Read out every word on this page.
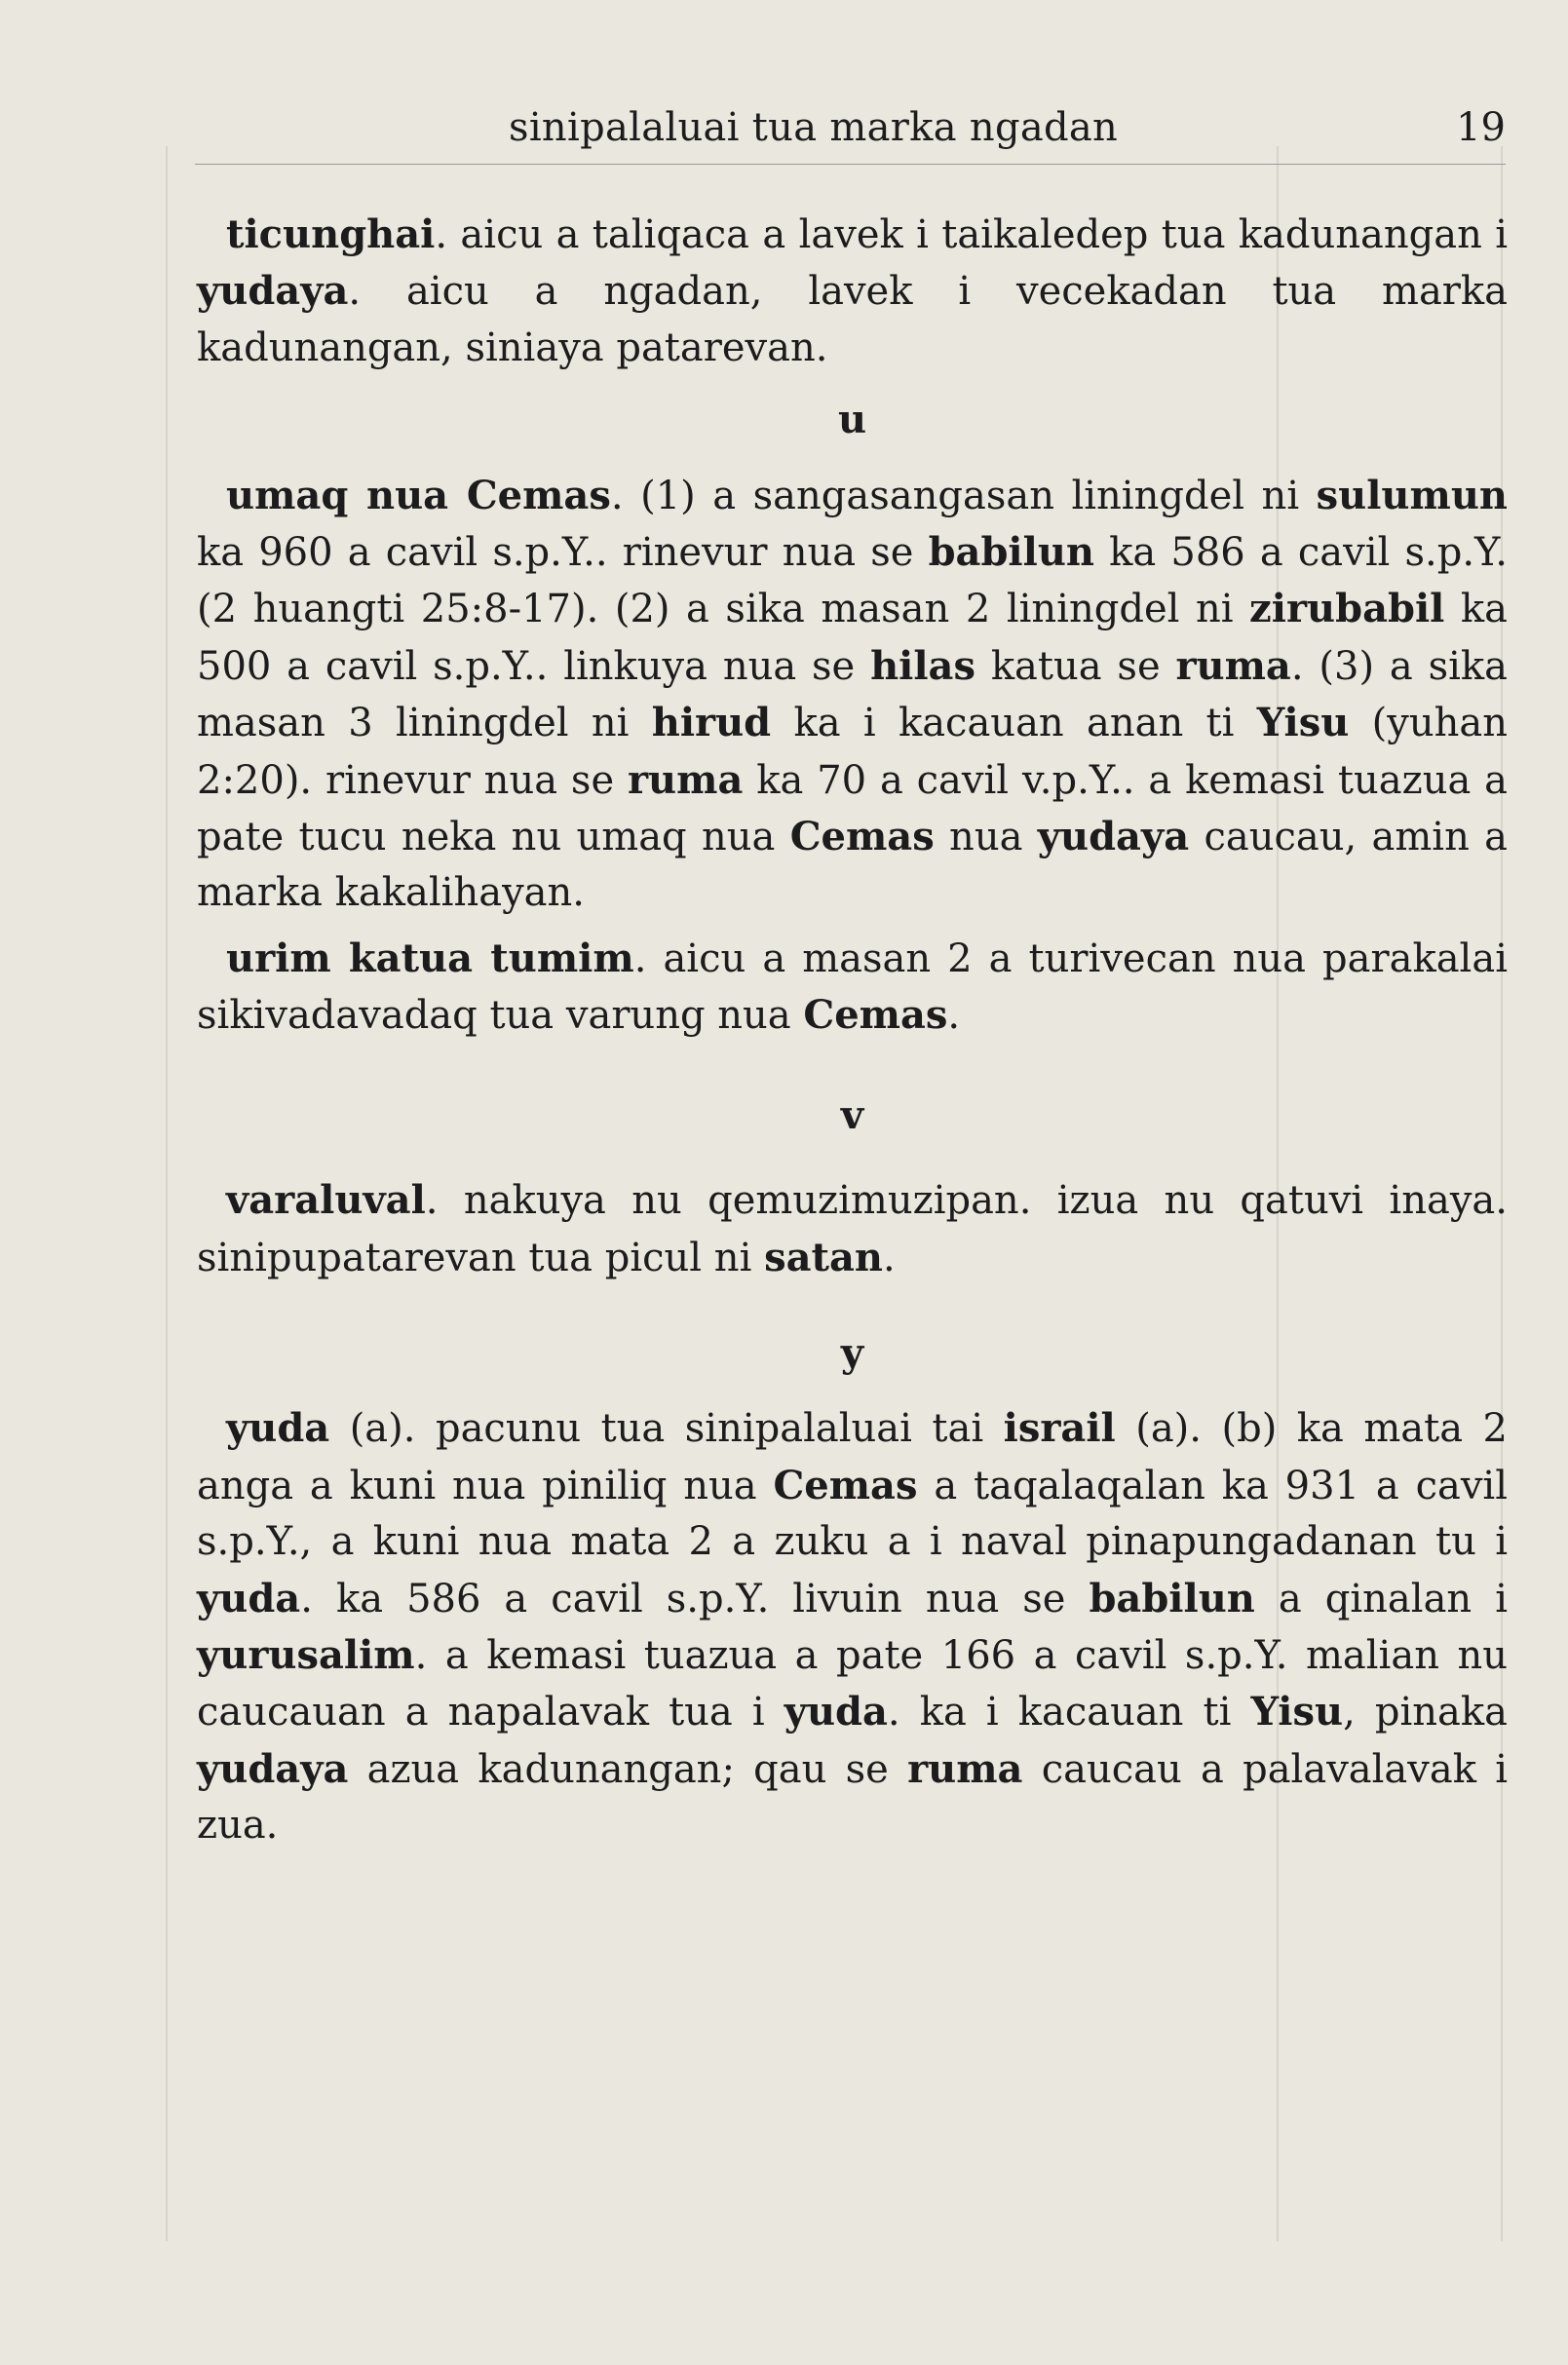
sinipalaluai tua marka ngadan	19

ticunghai. aicu a taliqaca a lavek i taikaledep tua kadunangan i yudaya. aicu a ngadan, lavek i vecekadan tua marka kadunangan, siniaya patarevan.

u

umaq nua Cemas. (1) a sangasangasan liningdel ni sulumun ka 960 a cavil s.p.Y.. rinevur nua se babilun ka 586 a cavil s.p.Y. (2 huangti 25:8-17). (2) a sika masan 2 liningdel ni zirubabil ka 500 a cavil s.p.Y.. linkuya nua se hilas katua se ruma. (3) a sika masan 3 liningdel ni hirud ka i kacauan anan ti Yisu (yuhan 2:20). rinevur nua se ruma ka 70 a cavil v.p.Y.. a kemasi tuazua a pate tucu neka nu umaq nua Cemas nua yudaya caucau, amin a marka kakalihayan.

urim katua tumim. aicu a masan 2 a turivecan nua parakalai sikivadavadaq tua varung nua Cemas.

v

varaluval. nakuya nu qemuzimuzipan. izua nu qatuvi inaya. sinipupatarevan tua picul ni satan.

y

yuda (a). pacunu tua sinipalaluai tai israil (a). (b) ka mata 2 anga a kuni nua piniliq nua Cemas a taqalaqalan ka 931 a cavil s.p.Y., a kuni nua mata 2 a zuku a i naval pinapungadanan tu i yuda. ka 586 a cavil s.p.Y. livuin nua se babilun a qinalan i yurusalim. a kemasi tuazua a pate 166 a cavil s.p.Y. malian nu caucauan a napalavak tua i yuda. ka i kacauan ti Yisu, pinaka yudaya azua kadunangan; qau se ruma caucau a palavalavak i zua.
